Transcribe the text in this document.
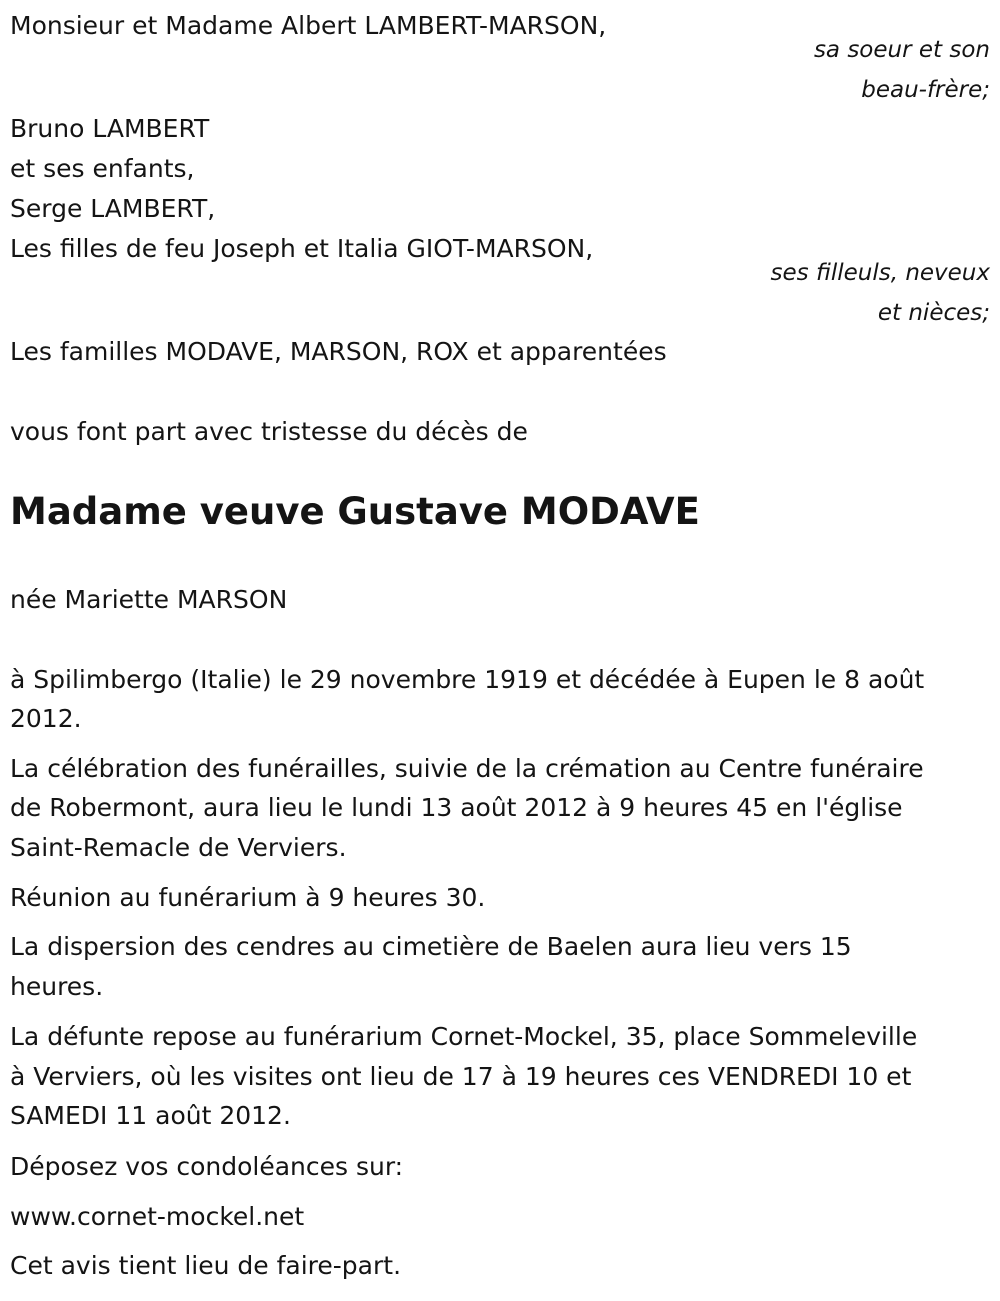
Monsieur et Madame Albert LAMBERT-MARSON,
sa soeur et son
beau-frère;
Bruno LAMBERT
et ses enfants,
Serge LAMBERT,
Les filles de feu Joseph et Italia GIOT-MARSON,
ses filleuls, neveux
et nièces;
Les familles MODAVE, MARSON, ROX et apparentées
vous font part avec tristesse du décès de
Madame veuve Gustave MODAVE
née Mariette MARSON
à Spilimbergo (Italie) le 29 novembre 1919 et décédée à Eupen le 8 août
2012.
La célébration des funérailles, suivie de la crémation au Centre funéraire
de Robermont, aura lieu le lundi 13 août 2012 à 9 heures 45 en l'église
Saint-Remacle de Verviers.
Réunion au funérarium à 9 heures 30.
La dispersion des cendres au cimetière de Baelen aura lieu vers 15
heures.
La défunte repose au funérarium Cornet-Mockel, 35, place Sommeleville
à Verviers, où les visites ont lieu de 17 à 19 heures ces VENDREDI 10 et
SAMEDI 11 août 2012.
Déposez vos condoléances sur:
www.cornet-mockel.net
Cet avis tient lieu de faire-part.
